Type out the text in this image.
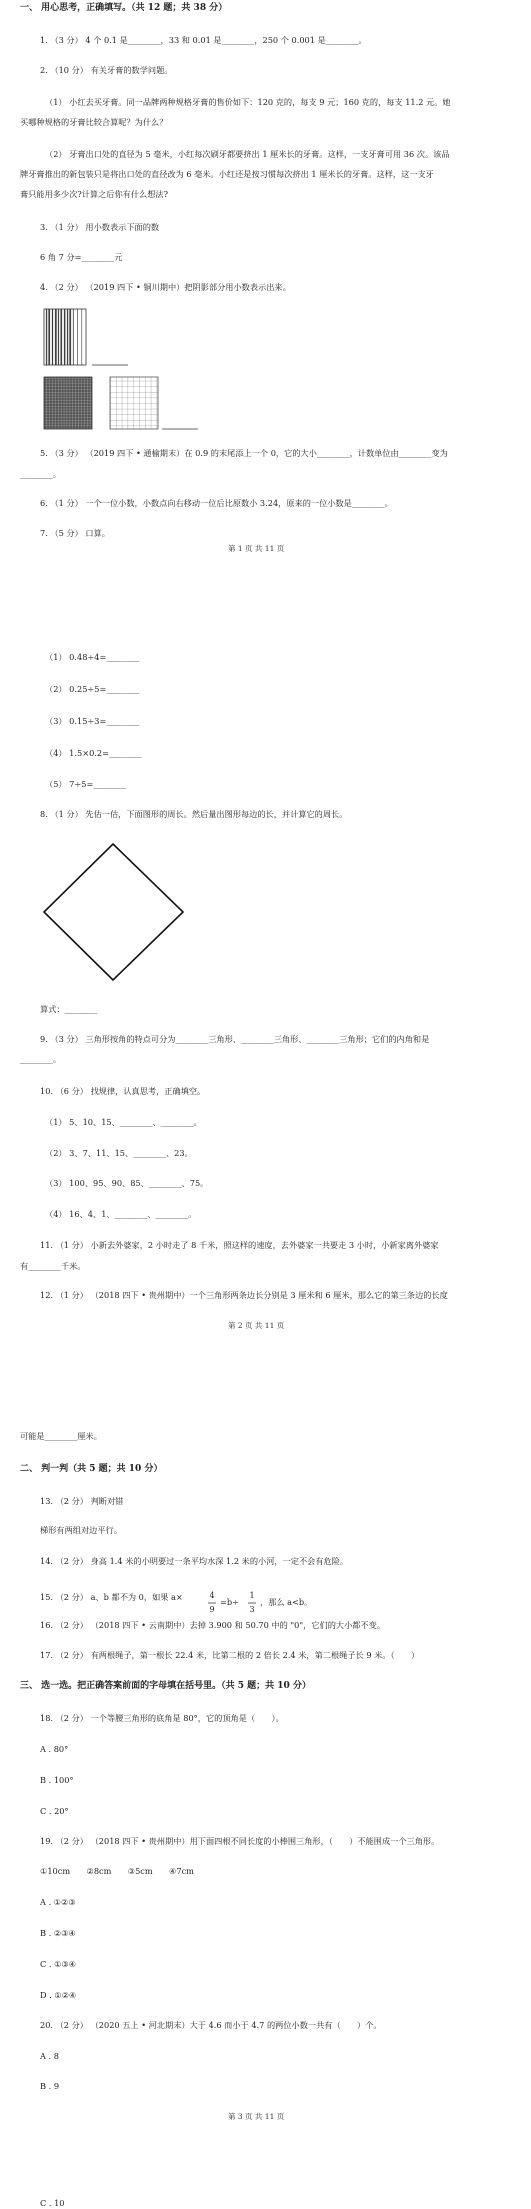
一、 用心思考，正确填写。（共 12 题；共 38 分）
二、 判一判（共 5 题；共 10 分）
三、 选一选。把正确答案前面的字母填在括号里。（共 5 题；共 10 分）
1. （3 分） 4 个 0.1 是________，33 和 0.01 是________，250 个 0.001 是________。
2. （10 分） 有关牙膏的数学问题。
（1） 小红去买牙膏。同一品牌两种规格牙膏的售价如下：120 克的，每支 9 元；160 克的，每支 11.2 元。她
买哪种规格的牙膏比较合算呢？为什么？
（2） 牙膏出口处的直径为 5 毫米，小红每次刷牙都要挤出 1 厘米长的牙膏。这样，一支牙膏可用 36 次。该品
牌牙膏推出的新包装只是将出口处的直径改为 6 毫米。小红还是按习惯每次挤出 1 厘米长的牙膏。这样，这一支牙
膏只能用多少次?计算之后你有什么想法?
3. （1 分） 用小数表示下面的数
6 角 7 分=________元
4. （2 分） （2019 四下 • 铜川期中）把阴影部分用小数表示出来。
5. （3 分） （2019 四下 • 通榆期末）在 0.9 的末尾添上一个 0，它的大小________，计数单位由________变为
________。
6. （1 分） 一个一位小数，小数点向右移动一位后比原数小 3.24，原来的一位小数是________。
7. （5 分） 口算。
第 1 页 共 11 页
（1） 0.48÷4=________
（2） 0.25÷5=________
（3） 0.15÷3=________
（4） 1.5×0.2=________
（5） 7÷5=________
8. （1 分） 先估一估，下面图形的周长。然后量出图形每边的长，并计算它的周长。
算式：________
9. （3 分） 三角形按角的特点可分为________三角形、________三角形、________三角形；它们的内角和是
________。
10. （6 分） 找规律，认真思考，正确填空。
（1） 5、10、15、________、________。
（2） 3、7、11、15、________、23。
（3） 100、95、90、85、________、75。
（4） 16、4、1、________、________。
11. （1 分） 小新去外婆家，2 小时走了 8 千米，照这样的速度，去外婆家一共要走 3 小时，小新家离外婆家
有________千米。
12. （1 分） （2018 四下 • 贵州期中）一个三角形两条边长分别是 3 厘米和 6 厘米，那么它的第三条边的长度
第 2 页 共 11 页
可能是________厘米。
13. （2 分） 判断对错
梯形有两组对边平行。
14. （2 分） 身高 1.4 米的小明要过一条平均水深 1.2 米的小河，一定不会有危险。
15. （2 分） a、b 都不为 0，如果 a×	4
9
=b÷
1
3
，那么 a<b。
16. （2 分） （2018 四下 • 云南期中）去掉 3.900 和 50.70 中的 "0"，它们的大小都不变。
17. （2 分） 有两根绳子，第一根长 22.4 米，比第二根的 2 倍长 2.4 米，第二根绳子长 9 米。（　　）
18. （2 分） 一个等腰三角形的底角是 80°，它的顶角是（　　）。
A . 80°
B . 100°
C . 20°
19. （2 分） （2018 四下 • 贵州期中）用下面四根不同长度的小棒围三角形，（　　）不能围成一个三角形。
①10cm　　②8cm　　③5cm　　④7cm
A . ①②③
B . ②③④
C . ①③④
D . ①②④
20. （2 分） （2020 五上 • 河北期末）大于 4.6 而小于 4.7 的两位小数一共有（　　）个。
A . 8
B . 9
第 3 页 共 11 页
C . 10
